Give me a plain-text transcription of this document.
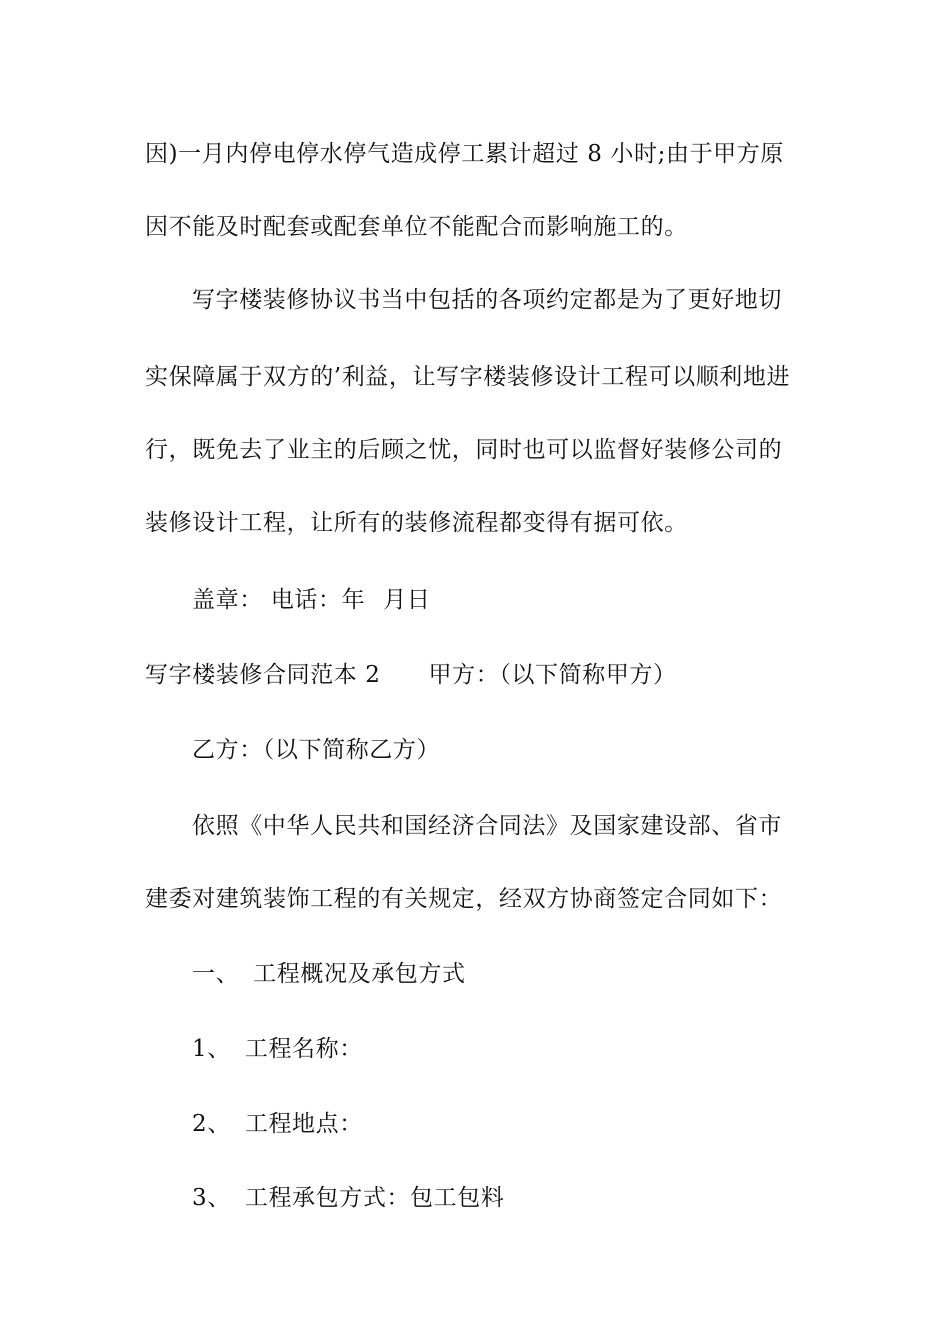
因)一月内停电停水停气造成停工累计超过 8 小时;由于甲方原
因不能及时配套或配套单位不能配合而影响施工的。
写字楼装修协议书当中包括的各项约定都是为了更好地切
实保障属于双方的’利益，让写字楼装修设计工程可以顺利地进
行，既免去了业主的后顾之忧，同时也可以监督好装修公司的
装修设计工程，让所有的装修流程都变得有据可依。
盖章： 电话：年 月日
写字楼装修合同范本 2 甲方：（以下简称甲方）
乙方：（以下简称乙方）
依照《中华人民共和国经济合同法》及国家建设部、省市
建委对建筑装饰工程的有关规定，经双方协商签定合同如下：
一、 工程概况及承包方式
1、 工程名称：
2、 工程地点：
3、 工程承包方式：包工包料
